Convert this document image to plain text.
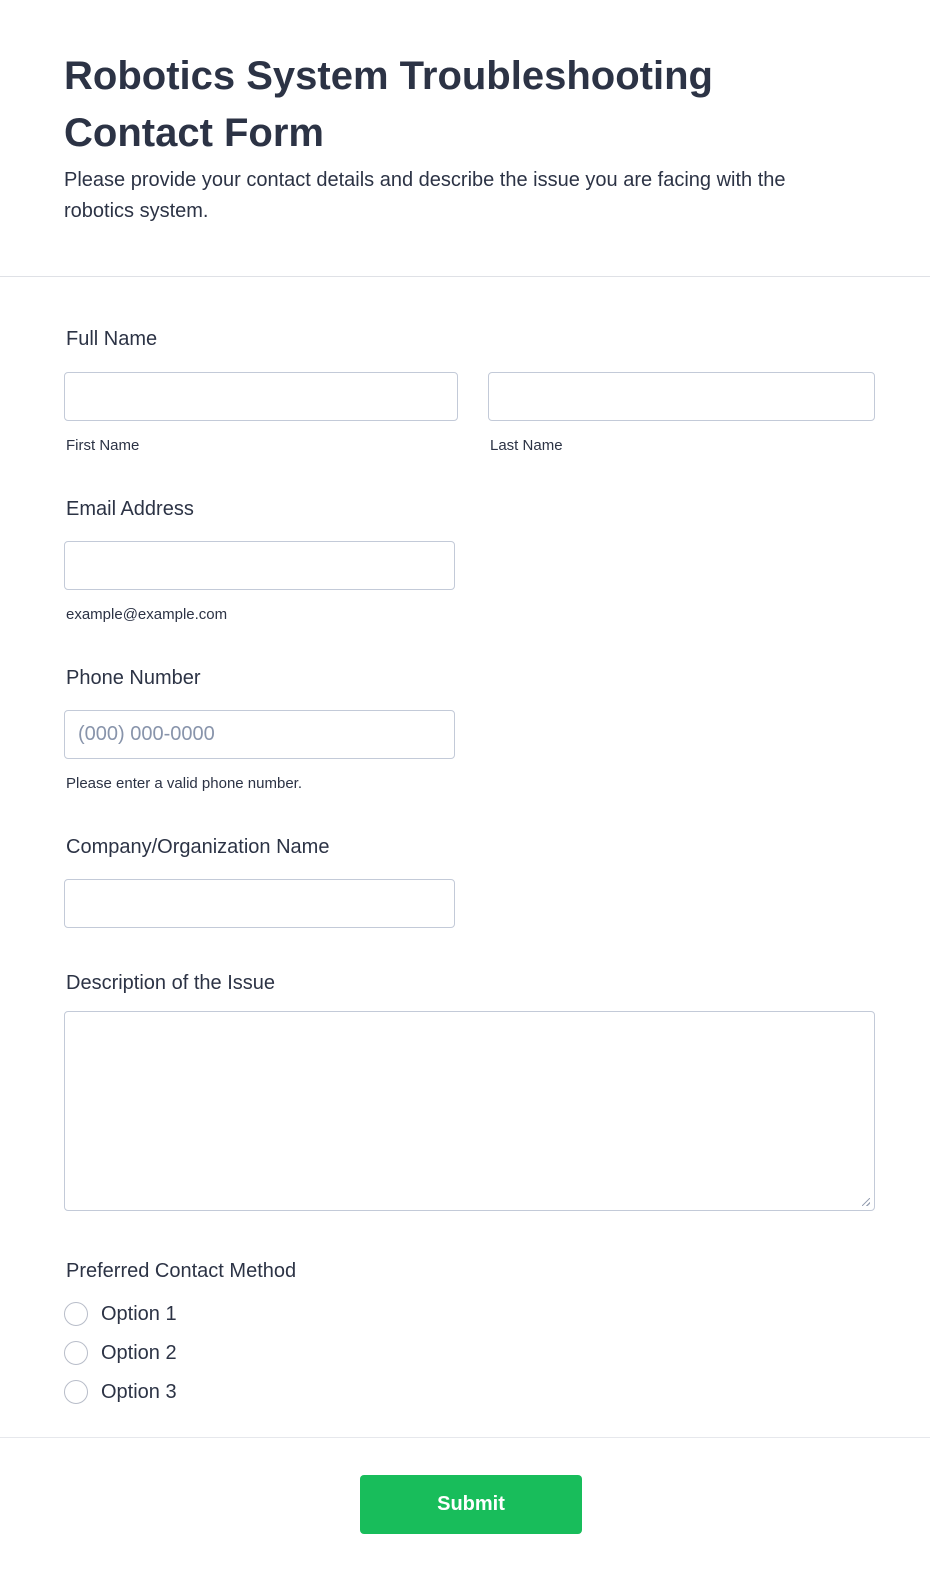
Robotics System Troubleshooting Contact Form

Please provide your contact details and describe the issue you are facing with the robotics system.

Full Name
First Name	Last Name
Email Address
example@example.com
Phone Number
(000) 000-0000
Please enter a valid phone number.
Company/Organization Name
Description of the Issue
Preferred Contact Method
Option 1
Option 2
Option 3
Submit
